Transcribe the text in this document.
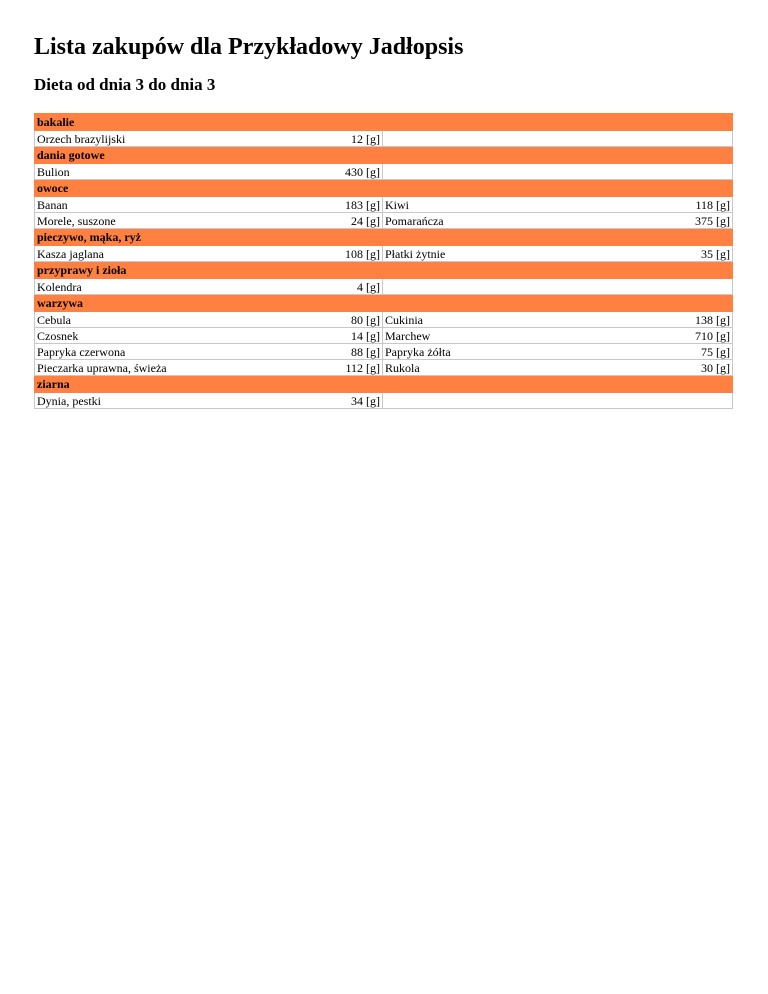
Lista zakupów dla Przykładowy Jadłopsis
Dieta od dnia 3 do dnia 3
bakalie			
Orzech brazylijski	12 [g]		
dania gotowe			
Bulion	430 [g]		
owoce			
Banan	183 [g]	Kiwi	118 [g]
Morele, suszone	24 [g]	Pomarańcza	375 [g]
pieczywo, mąka, ryż			
Kasza jaglana	108 [g]	Płatki żytnie	35 [g]
przyprawy i zioła			
Kolendra	4 [g]		
warzywa			
Cebula	80 [g]	Cukinia	138 [g]
Czosnek	14 [g]	Marchew	710 [g]
Papryka czerwona	88 [g]	Papryka żółta	75 [g]
Pieczarka uprawna, świeża	112 [g]	Rukola	30 [g]
ziarna			
Dynia, pestki	34 [g]		
